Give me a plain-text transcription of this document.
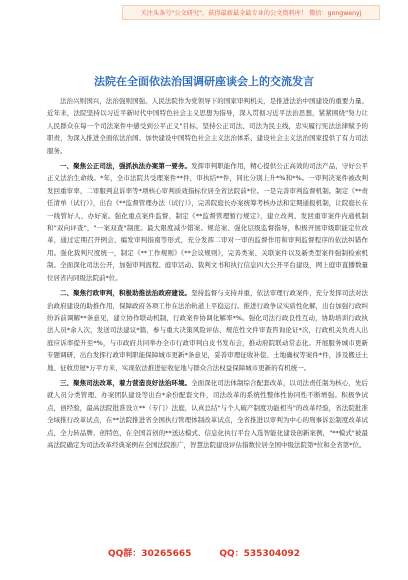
关注头条号"公文研究"，获得最新最全最专业的公文资料库！ 微信：gongwenyj
法院在全面依法治国调研座谈会上的交流发言

法治兴则国兴，法治强则国强。人民法院作为党领导下的国家审判机关，是推进法治中国建设的重要力量。近年来，法院坚持以习近平新时代中国特色社会主义思想为指导，深入贯彻习近平法治思想，紧紧围绕"努力让人民群众在每一个司法案件中感受到公平正义"目标，坚持公正司法、司法为民主线，忠实履行宪法法律赋予的职责，为深入推进全面依法治国、加快建设中国特色社会主义法治体系、建设社会主义法治国家提供了有力司法服务。

一、聚焦公正司法，强抓执法办案第一要务。发挥审判职能作用，精心提供公正高效的司法产品，守好公平正义法治生命线。*年，全市法院共受理案件**件，审执结**件，同比分别上升*%和*%。一审判决案件被改判发回重审率、二审服判息诉率等*项核心审判质效指标位居全省法院前*位。一是完善审判监督机制。制定《**责任清单（试行）》，出台《**监督管理办法（试行）》，完善院庭长办案统筹考核办法和定期通报机制，让院庭长在一线管好人、办好案。强化重点案件监督，制定《**监督管理暂行规定》，建立改判、发回重审案件内通机制和"双向评查"，"一案双查"制度。最大限度减少错案。规范案、强化层级监督指导，积极开展审级职能定位改革，通过定期召开例会、编发审判指南等形式，充分发挥二审对一审的监督作用和审判监督程序的依法纠错作用。强化裁判尺度统一，制定《**工作规则》《**会议规则》，完善类案、关联案件以及新类型案件强制检索机制。全面深化司法公开，加强审判流程、庭审活动、裁判文书和执行信息四大公开平台建设，网上庭审直播数量位居省内同级法院前*位。

二、聚焦行政审判，积极助推法治政府建设。坚持监督与支持并重，依法审理行政案件，充分发挥司法对法治政府建设的助推作用，保障政府各项工作在法治轨道上平稳运行。推进行政争议实质性化解，出台加强行政纠纷诉前调解**条意见，建立协作联动机制，行政案件协调化解率*%。强化司法行政良性互动，协助培训行政执法人员*余人次，发送司法建议*篇，参与重大决策风险评估、规范性文件审查咨询论证*次，行政机关负责人出庭应诉率提升至*%，与市政府共同举办全市行政审判白皮书发布会，推动府院联动常态化。开展服务城市更新专题调研，出台发挥行政审判职能保障城市更新*条意见，妥善审理征收补偿、土地确权等案件*件，涉及搬迁土地、征收房屋*万平方米，实现依法推进征收征地与群众合法权益保障城市更新的有机统一。

三、聚焦司法改革，着力营造良好法治环境。全面深化司法体制综合配套改革，以司法责任制为核心，先后就人员分类管理、办案团队建设等出台*余份配套文件，司法改革的系统性整体性协同性不断增强。积极争试点，创经验，最高法院批准设立**（专门）法庭，认真总结"与个人破产制度功能相当"的改革经验，省法院批准全域推行改革试点，在**法院推进省全国执行管理体制改革试点，全省推进以审判为中心的刑事诉讼制度改革试点，全力转品牌，创特色，在全国首创的**送达模式、信息化执行平台入选智能化建设创新案例，"**模式"被最高法院确定为司法改革经典案例在全国法院推广，智慧法院建设评估指数位居全国中级法院第*位和全省第*位。

QQ群：30265665	QQ：535304092
